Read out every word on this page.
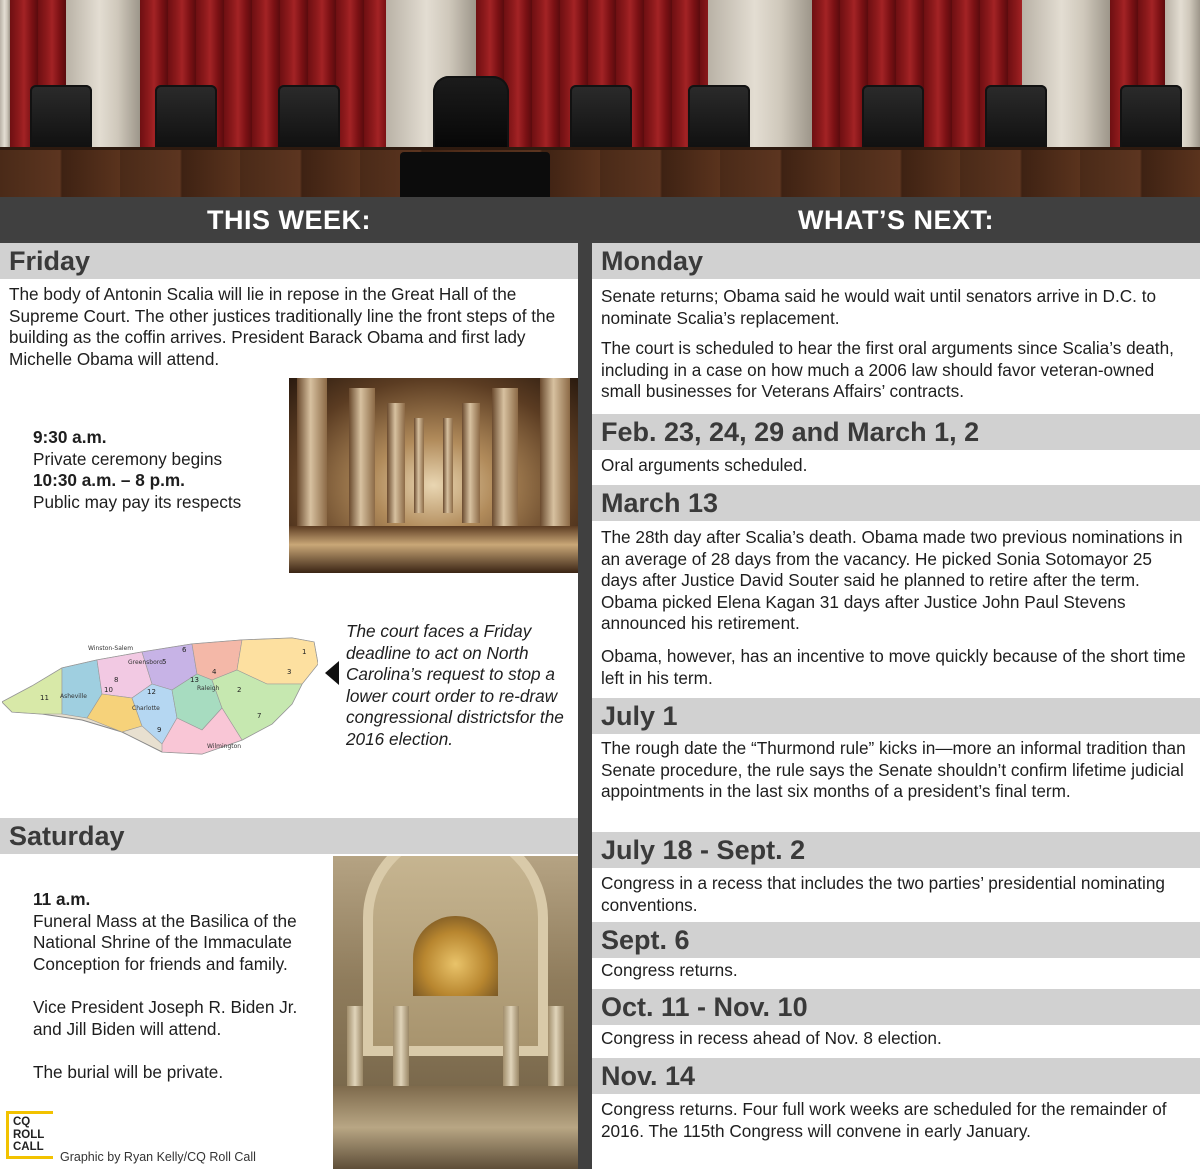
THIS WEEK:	WHAT’S NEXT:
Friday

The body of Antonin Scalia will lie in repose in the Great Hall of the Supreme Court. The other justices traditionally line the front steps of the building as the coffin arrives. President Barack Obama and first lady Michelle Obama will attend.

9:30 a.m.
Private ceremony begins
10:30 a.m. – 8 p.m.
Public may pay its respects
Winston-Salem
Greensboro
Raleigh
Charlotte
Asheville
Wilmington
1
2
3
4
5
6
7
8
9
10
11
12
13
The court faces a Friday deadline to act on North Carolina’s request to stop a lower court order to re-draw congressional districtsfor the 2016 election.
Saturday
11 a.m.
Funeral Mass at the Basilica of the National Shrine of the Immaculate Conception for friends and family.
Vice President Joseph R. Biden Jr. and Jill Biden will attend.
The burial will be private.
Monday

Senate returns; Obama said he would wait until senators arrive in D.C. to nominate Scalia’s replacement.

The court is scheduled to hear the first oral arguments since Scalia’s death, including in a case on how much a 2006 law should favor veteran-owned small businesses for Veterans Affairs’ contracts.

Feb. 23, 24, 29 and March 1, 2

Oral arguments scheduled.

March 13

The 28th day after Scalia’s death. Obama made two previous nominations in an average of 28 days from the vacancy. He picked Sonia Sotomayor 25 days after Justice David Souter said he planned to retire after the term. Obama picked Elena Kagan 31 days after Justice John Paul Stevens announced his retirement.

Obama, however, has an incentive to move quickly because of the short time left in his term.

July 1

The rough date the “Thurmond rule” kicks in—more an informal tradition than Senate procedure, the rule says the Senate shouldn’t confirm lifetime judicial appointments in the last six months of a president’s final term.

July 18 - Sept. 2

Congress in a recess that includes the two parties’ presidential nominating conventions.

Sept. 6

Congress returns.

Oct. 11 - Nov. 10

Congress in recess ahead of Nov. 8 election.

Nov. 14

Congress returns. Four full work weeks are scheduled for the remainder of 2016. The 115th Congress will convene in early January.

CQ
ROLL
CALL
Graphic by Ryan Kelly/CQ Roll Call
